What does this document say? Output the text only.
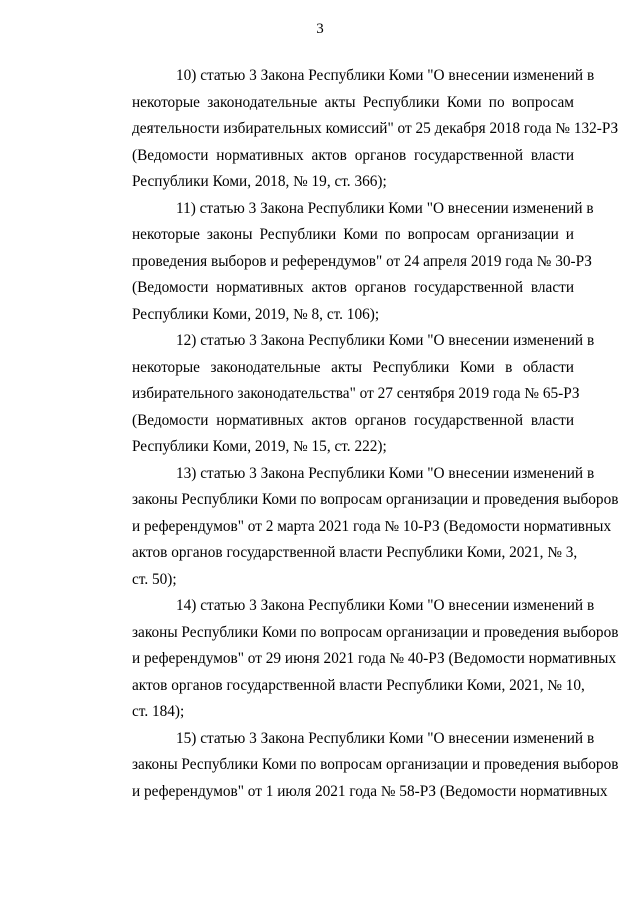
3
10) статью 3 Закона Республики Коми "О внесении изменений в
некоторые законодательные акты Республики Коми по вопросам
деятельности избирательных комиссий" от 25 декабря 2018 года № 132-РЗ
(Ведомости нормативных актов органов государственной власти
Республики Коми, 2018, № 19, ст. 366);
11) статью 3 Закона Республики Коми "О внесении изменений в
некоторые законы Республики Коми по вопросам организации и
проведения выборов и референдумов" от 24 апреля 2019 года № 30-РЗ
(Ведомости нормативных актов органов государственной власти
Республики Коми, 2019, № 8, ст. 106);
12) статью 3 Закона Республики Коми "О внесении изменений в
некоторые законодательные акты Республики Коми в области
избирательного законодательства" от 27 сентября 2019 года № 65-РЗ
(Ведомости нормативных актов органов государственной власти
Республики Коми, 2019, № 15, ст. 222);
13) статью 3 Закона Республики Коми "О внесении изменений в
законы Республики Коми по вопросам организации и проведения выборов
и референдумов" от 2 марта 2021 года № 10-РЗ (Ведомости нормативных
актов органов государственной власти Республики Коми, 2021, № 3,
ст. 50);
14) статью 3 Закона Республики Коми "О внесении изменений в
законы Республики Коми по вопросам организации и проведения выборов
и референдумов" от 29 июня 2021 года № 40-РЗ (Ведомости нормативных
актов органов государственной власти Республики Коми, 2021, № 10,
ст. 184);
15) статью 3 Закона Республики Коми "О внесении изменений в
законы Республики Коми по вопросам организации и проведения выборов
и референдумов" от 1 июля 2021 года № 58-РЗ (Ведомости нормативных
